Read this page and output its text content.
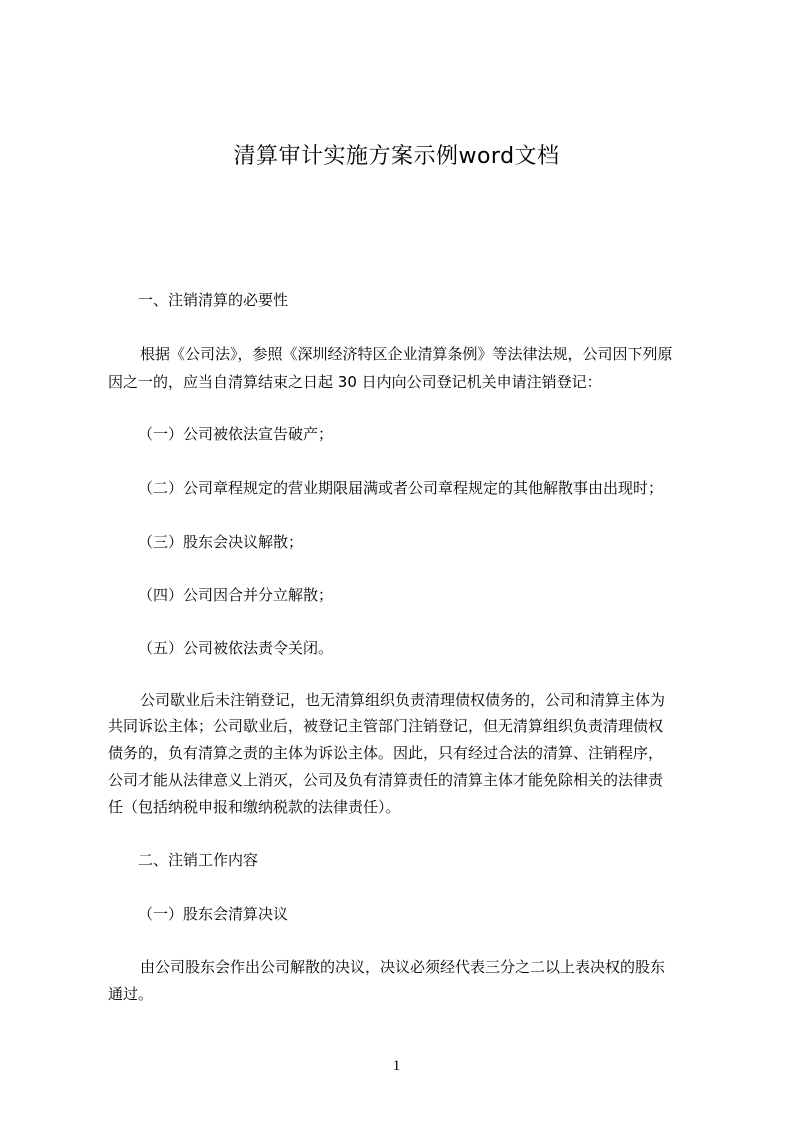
清算审计实施方案示例word文档
一、注销清算的必要性
根据《公司法》，参照《深圳经济特区企业清算条例》等法律法规，公司因下列原
因之一的，应当自清算结束之日起 30 日内向公司登记机关申请注销登记：
（一）公司被依法宣告破产；
（二）公司章程规定的营业期限届满或者公司章程规定的其他解散事由出现时；
（三）股东会决议解散；
（四）公司因合并分立解散；
（五）公司被依法责令关闭。
公司歇业后未注销登记，也无清算组织负责清理债权债务的，公司和清算主体为
共同诉讼主体；公司歇业后，被登记主管部门注销登记，但无清算组织负责清理债权
债务的，负有清算之责的主体为诉讼主体。因此，只有经过合法的清算、注销程序，
公司才能从法律意义上消灭，公司及负有清算责任的清算主体才能免除相关的法律责
任（包括纳税申报和缴纳税款的法律责任）。
二、注销工作内容
（一）股东会清算决议
由公司股东会作出公司解散的决议，决议必须经代表三分之二以上表决权的股东
通过。
1
